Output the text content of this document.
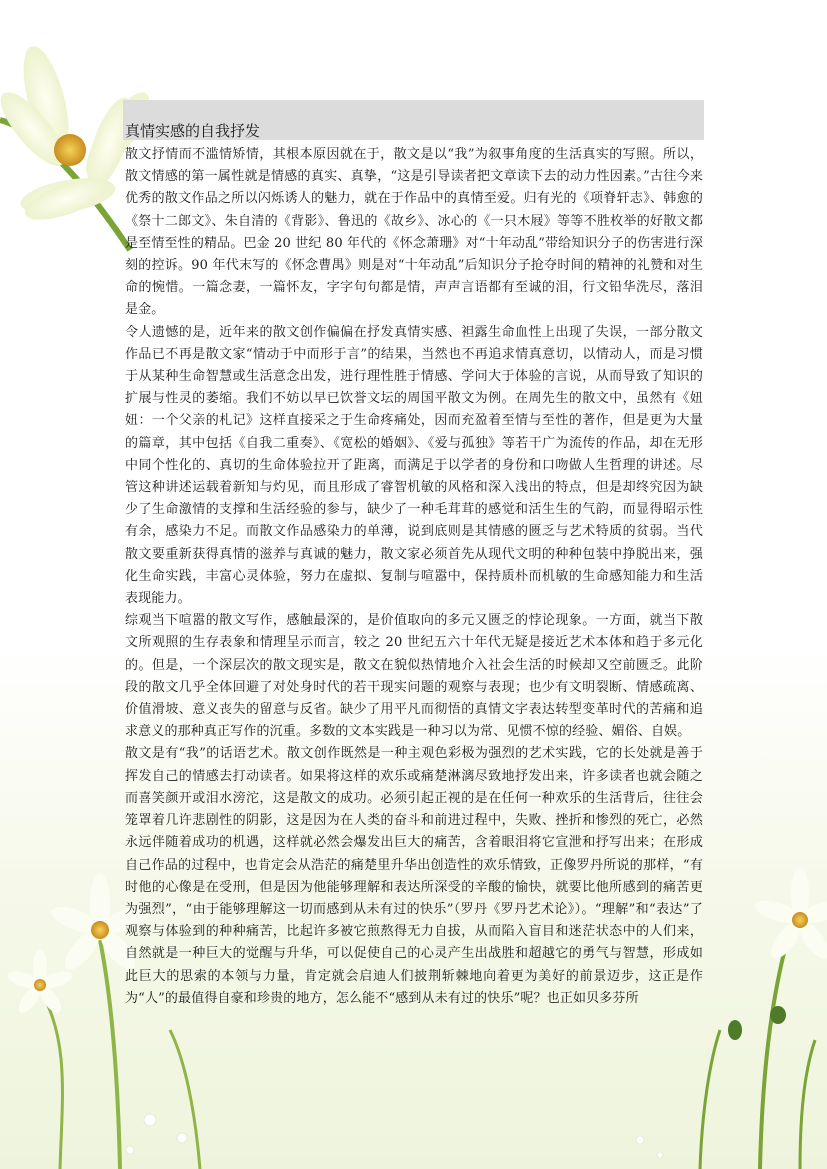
真情实感的自我抒发

散文抒情而不滥情矫情，其根本原因就在于，散文是以“我”为叙事角度的生活真实的写照。所以，散文情感的第一属性就是情感的真实、真挚，“这是引导读者把文章读下去的动力性因素。”古往今来优秀的散文作品之所以闪烁诱人的魅力，就在于作品中的真情至爱。归有光的《项脊轩志》、韩愈的《祭十二郎文》、朱自清的《背影》、鲁迅的《故乡》、冰心的《一只木屐》等等不胜枚举的好散文都是至情至性的精品。巴金 20 世纪 80 年代的《怀念萧珊》对“十年动乱”带给知识分子的伤害进行深刻的控诉。90 年代末写的《怀念曹禺》则是对“十年动乱”后知识分子抢夺时间的精神的礼赞和对生命的惋惜。一篇念妻，一篇怀友，字字句句都是情，声声言语都有至诚的泪，行文铅华洗尽，落泪是金。

令人遗憾的是，近年来的散文创作偏偏在抒发真情实感、袒露生命血性上出现了失误，一部分散文作品已不再是散文家“情动于中而形于言”的结果，当然也不再追求情真意切，以情动人，而是习惯于从某种生命智慧或生活意念出发，进行理性胜于情感、学问大于体验的言说，从而导致了知识的扩展与性灵的萎缩。我们不妨以早已饮誉文坛的周国平散文为例。在周先生的散文中，虽然有《妞妞：一个父亲的札记》这样直接采之于生命疼痛处，因而充盈着至情与至性的著作，但是更为大量的篇章，其中包括《自我二重奏》、《宽松的婚姻》、《爱与孤独》等若干广为流传的作品，却在无形中同个性化的、真切的生命体验拉开了距离，而满足于以学者的身份和口吻做人生哲理的讲述。尽管这种讲述运载着新知与灼见，而且形成了睿智机敏的风格和深入浅出的特点，但是却终究因为缺少了生命激情的支撑和生活经验的参与，缺少了一种毛茸茸的感觉和活生生的气韵，而显得昭示性有余，感染力不足。而散文作品感染力的单薄，说到底则是其情感的匮乏与艺术特质的贫弱。当代散文要重新获得真情的滋养与真诚的魅力，散文家必须首先从现代文明的种种包装中挣脱出来，强化生命实践，丰富心灵体验，努力在虚拟、复制与喧嚣中，保持质朴而机敏的生命感知能力和生活表现能力。

综观当下喧嚣的散文写作，感触最深的，是价值取向的多元又匮乏的悖论现象。一方面，就当下散文所观照的生存表象和情理呈示而言，较之 20 世纪五六十年代无疑是接近艺术本体和趋于多元化的。但是，一个深层次的散文现实是，散文在貌似热情地介入社会生活的时候却又空前匮乏。此阶段的散文几乎全体回避了对处身时代的若干现实问题的观察与表现；也少有文明裂断、情感疏离、价值滑坡、意义丧失的留意与反省。缺少了用平凡而彻悟的真情文字表达转型变革时代的苦痛和追求意义的那种真正写作的沉重。多数的文本实践是一种习以为常、见惯不惊的经验、媚俗、自娱。

散文是有“我”的话语艺术。散文创作既然是一种主观色彩极为强烈的艺术实践，它的长处就是善于挥发自己的情感去打动读者。如果将这样的欢乐或痛楚淋漓尽致地抒发出来，许多读者也就会随之而喜笑颜开或泪水滂沱，这是散文的成功。必须引起正视的是在任何一种欢乐的生活背后，往往会笼罩着几许悲剧性的阴影，这是因为在人类的奋斗和前进过程中，失败、挫折和惨烈的死亡，必然永远伴随着成功的机遇，这样就必然会爆发出巨大的痛苦，含着眼泪将它宣泄和抒写出来；在形成自己作品的过程中，也肯定会从浩茫的痛楚里升华出创造性的欢乐情致，正像罗丹所说的那样，“有时他的心像是在受刑，但是因为他能够理解和表达所深受的辛酸的愉快，就要比他所感到的痛苦更为强烈”，“由于能够理解这一切而感到从未有过的快乐”（罗丹《罗丹艺术论》）。“理解”和“表达”了观察与体验到的种种痛苦，比起许多被它煎熬得无力自拔，从而陷入盲目和迷茫状态中的人们来，自然就是一种巨大的觉醒与升华，可以促使自己的心灵产生出战胜和超越它的勇气与智慧，形成如此巨大的思索的本领与力量，肯定就会启迪人们披荆斩棘地向着更为美好的前景迈步，这正是作为“人”的最值得自豪和珍贵的地方，怎么能不“感到从未有过的快乐”呢？也正如贝多芬所
